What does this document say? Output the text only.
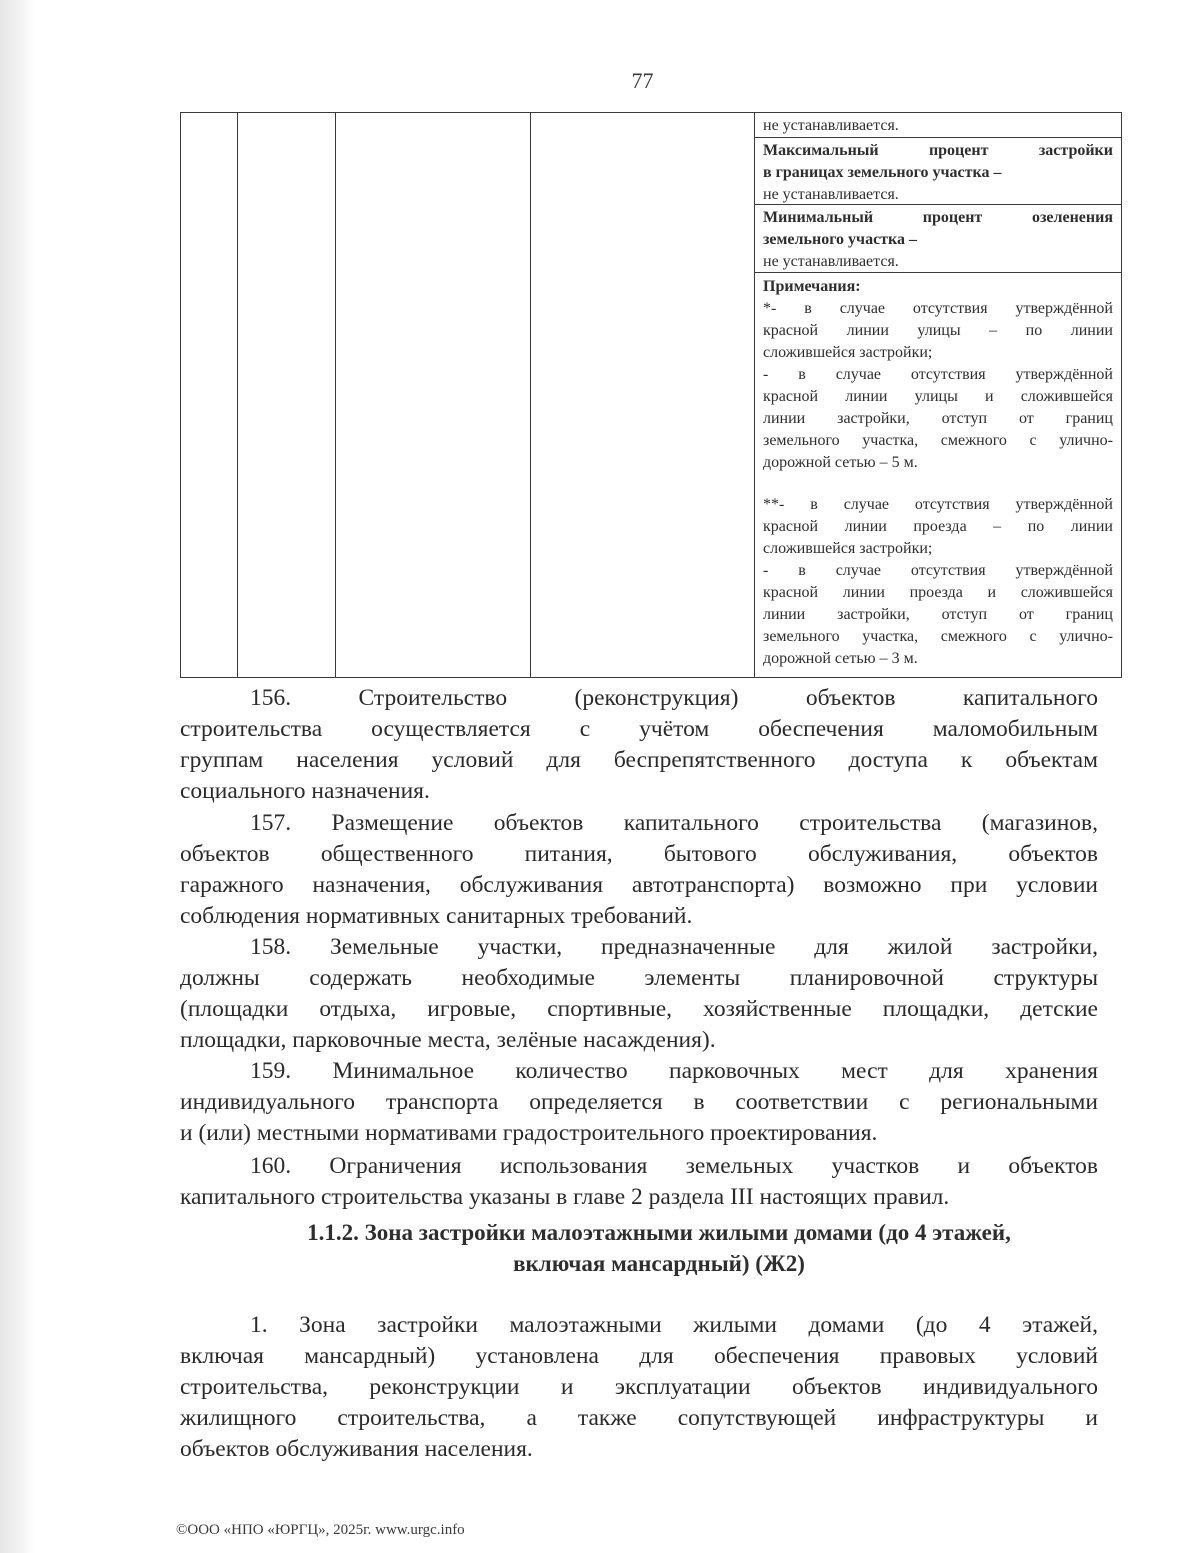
77
не устанавливается.
Максимальный процент застройки
в границах земельного участка –
не устанавливается.
Минимальный процент озеленения
земельного участка –
не устанавливается.
Примечания:
*- в случае отсутствия утверждённой
красной линии улицы – по линии
сложившейся застройки;
- в случае отсутствия утверждённой
красной линии улицы и сложившейся
линии застройки, отступ от границ
земельного участка, смежного с улично-
дорожной сетью – 5 м.
**- в случае отсутствия утверждённой
красной линии проезда – по линии
сложившейся застройки;
- в случае отсутствия утверждённой
красной линии проезда и сложившейся
линии застройки, отступ от границ
земельного участка, смежного с улично-
дорожной сетью – 3 м.
156. Строительство (реконструкция) объектов капитального
строительства осуществляется с учётом обеспечения маломобильным
группам населения условий для беспрепятственного доступа к объектам
социального назначения.
157. Размещение объектов капитального строительства (магазинов,
объектов общественного питания, бытового обслуживания, объектов
гаражного назначения, обслуживания автотранспорта) возможно при условии
соблюдения нормативных санитарных требований.
158. Земельные участки, предназначенные для жилой застройки,
должны содержать необходимые элементы планировочной структуры
(площадки отдыха, игровые, спортивные, хозяйственные площадки, детские
площадки, парковочные места, зелёные насаждения).
159. Минимальное количество парковочных мест для хранения
индивидуального транспорта определяется в соответствии с региональными
и (или) местными нормативами градостроительного проектирования.
160. Ограничения использования земельных участков и объектов
капитального строительства указаны в главе 2 раздела III настоящих правил.
1.1.2. Зона застройки малоэтажными жилыми домами (до 4 этажей,
включая мансардный) (Ж2)
1. Зона застройки малоэтажными жилыми домами (до 4 этажей,
включая мансардный) установлена для обеспечения правовых условий
строительства, реконструкции и эксплуатации объектов индивидуального
жилищного строительства, а также сопутствующей инфраструктуры и
объектов обслуживания населения.
©ООО «НПО «ЮРГЦ», 2025г. www.urgc.info
